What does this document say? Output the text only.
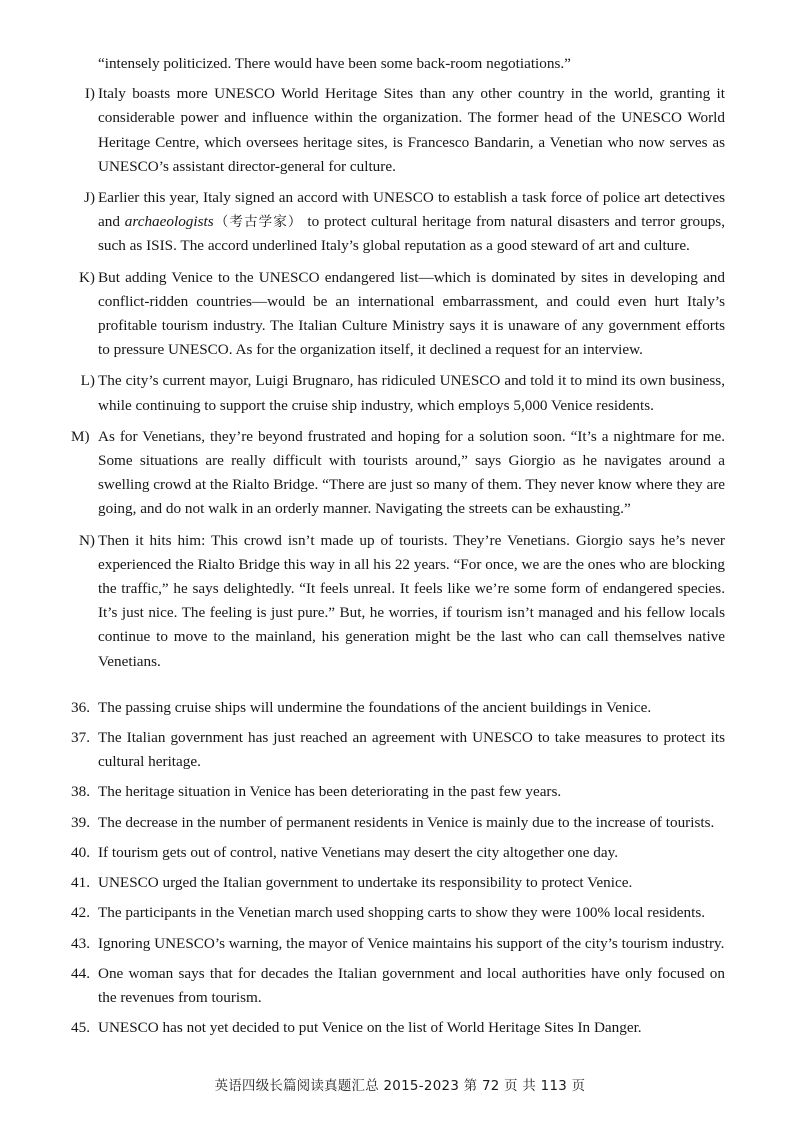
“intensely politicized. There would have been some back-room negotiations.”

I) Italy boasts more UNESCO World Heritage Sites than any other country in the world, granting it considerable power and influence within the organization. The former head of the UNESCO World Heritage Centre, which oversees heritage sites, is Francesco Bandarin, a Venetian who now serves as UNESCO’s assistant director-general for culture.
J) Earlier this year, Italy signed an accord with UNESCO to establish a task force of police art detectives and archaeologists（考古学家） to protect cultural heritage from natural disasters and terror groups, such as ISIS. The accord underlined Italy’s global reputation as a good steward of art and culture.
K) But adding Venice to the UNESCO endangered list—which is dominated by sites in developing and conflict-ridden countries—would be an international embarrassment, and could even hurt Italy’s profitable tourism industry. The Italian Culture Ministry says it is unaware of any government efforts to pressure UNESCO. As for the organization itself, it declined a request for an interview.
L) The city’s current mayor, Luigi Brugnaro, has ridiculed UNESCO and told it to mind its own business, while continuing to support the cruise ship industry, which employs 5,000 Venice residents.
M) As for Venetians, they’re beyond frustrated and hoping for a solution soon. “It’s a nightmare for me. Some situations are really difficult with tourists around,” says Giorgio as he navigates around a swelling crowd at the Rialto Bridge. “There are just so many of them. They never know where they are going, and do not walk in an orderly manner. Navigating the streets can be exhausting.”
N) Then it hits him: This crowd isn’t made up of tourists. They’re Venetians. Giorgio says he’s never experienced the Rialto Bridge this way in all his 22 years. “For once, we are the ones who are blocking the traffic,” he says delightedly. “It feels unreal. It feels like we’re some form of endangered species. It’s just nice. The feeling is just pure.” But, he worries, if tourism isn’t managed and his fellow locals continue to move to the mainland, his generation might be the last who can call themselves native Venetians.
36. The passing cruise ships will undermine the foundations of the ancient buildings in Venice.
37. The Italian government has just reached an agreement with UNESCO to take measures to protect its cultural heritage.
38. The heritage situation in Venice has been deteriorating in the past few years.
39. The decrease in the number of permanent residents in Venice is mainly due to the increase of tourists.
40. If tourism gets out of control, native Venetians may desert the city altogether one day.
41. UNESCO urged the Italian government to undertake its responsibility to protect Venice.
42. The participants in the Venetian march used shopping carts to show they were 100% local residents.
43. Ignoring UNESCO’s warning, the mayor of Venice maintains his support of the city’s tourism industry.
44. One woman says that for decades the Italian government and local authorities have only focused on the revenues from tourism.
45. UNESCO has not yet decided to put Venice on the list of World Heritage Sites In Danger.
英语四级长篇阅读真题汇总 2015-2023 第 72 页 共 113 页
